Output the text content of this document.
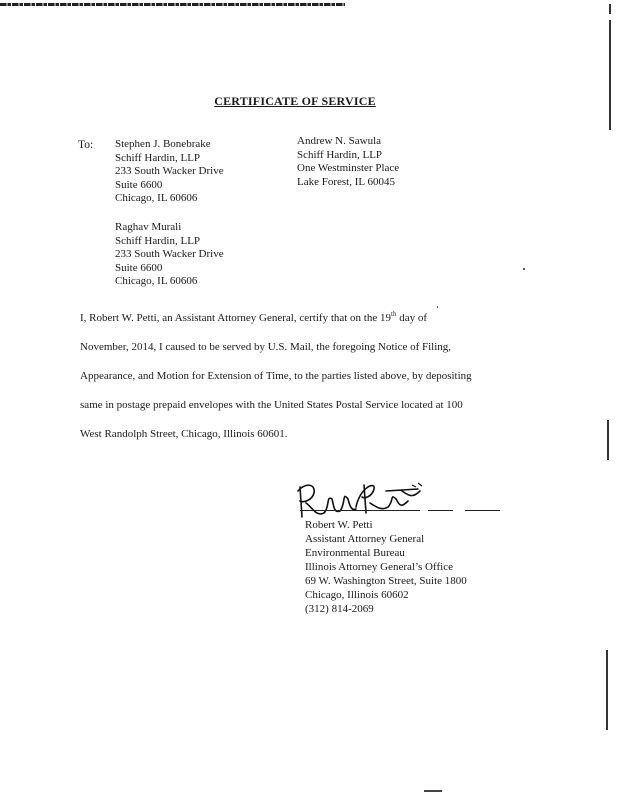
CERTIFICATE OF SERVICE
To: Stephen J. Bonebrake
Schiff Hardin, LLP
233 South Wacker Drive
Suite 6600
Chicago, IL 60606
Andrew N. Sawula
Schiff Hardin, LLP
One Westminster Place
Lake Forest, IL 60045
Raghav Murali
Schiff Hardin, LLP
233 South Wacker Drive
Suite 6600
Chicago, IL 60606
I, Robert W. Petti, an Assistant Attorney General, certify that on the 19th day of
November, 2014, I caused to be served by U.S. Mail, the foregoing Notice of Filing,
Appearance, and Motion for Extension of Time, to the parties listed above, by depositing
same in postage prepaid envelopes with the United States Postal Service located at 100
West Randolph Street, Chicago, Illinois 60601.
Robert W. Petti
Assistant Attorney General
Environmental Bureau
Illinois Attorney General’s Office
69 W. Washington Street, Suite 1800
Chicago, Illinois 60602
(312) 814-2069
